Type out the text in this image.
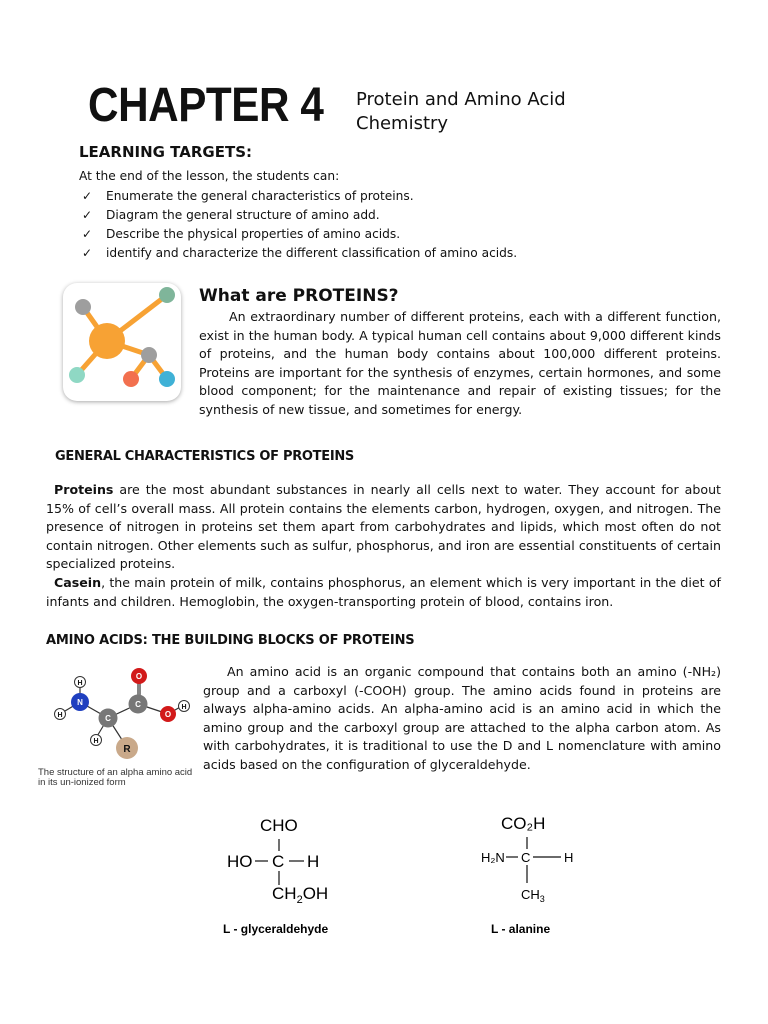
CHAPTER 4 Protein and Amino Acid Chemistry
LEARNING TARGETS:
At the end of the lesson, the students can:
✓	Enumerate the general characteristics of proteins.
✓	Diagram the general structure of amino add.
✓	Describe the physical properties of amino acids.
✓	identify and characterize the different classification of amino acids.
What are PROTEINS?
An extraordinary number of different proteins, each with a different function, exist in the human body. A typical human cell contains about 9,000 different kinds of proteins, and the human body contains about 100,000 different proteins. Proteins are important for the synthesis of enzymes, certain hormones, and some blood component; for the maintenance and repair of existing tissues; for the synthesis of new tissue, and sometimes for energy.
GENERAL CHARACTERISTICS OF PROTEINS
Proteins are the most abundant substances in nearly all cells next to water. They account for about 15% of cell’s overall mass. All protein contains the elements carbon, hydrogen, oxygen, and nitrogen. The presence of nitrogen in proteins set them apart from carbohydrates and lipids, which most often do not contain nitrogen. Other elements such as sulfur, phosphorus, and iron are essential constituents of certain specialized proteins.
Casein, the main protein of milk, contains phosphorus, an element which is very important in the diet of infants and children. Hemoglobin, the oxygen-transporting protein of blood, contains iron.
AMINO ACIDS: THE BUILDING BLOCKS OF PROTEINS
An amino acid is an organic compound that contains both an amino (-NH₂) group and a carboxyl (-COOH) group. The amino acids found in proteins are always alpha-amino acids. An alpha-amino acid is an amino acid in which the amino group and the carboxyl group are attached to the alpha carbon atom. As with carbohydrates, it is traditional to use the D and L nomenclature with amino acids based on the configuration of glyceraldehyde.
H
H
N
C
C
O
O
H
H
R
The structure of an alpha amino acid in its un-ionized form
CHO
HO C H
$CH_2OH$
L - glyceraldehyde
CO₂H
H₂N C	H
$CH_3$
L - alanine
